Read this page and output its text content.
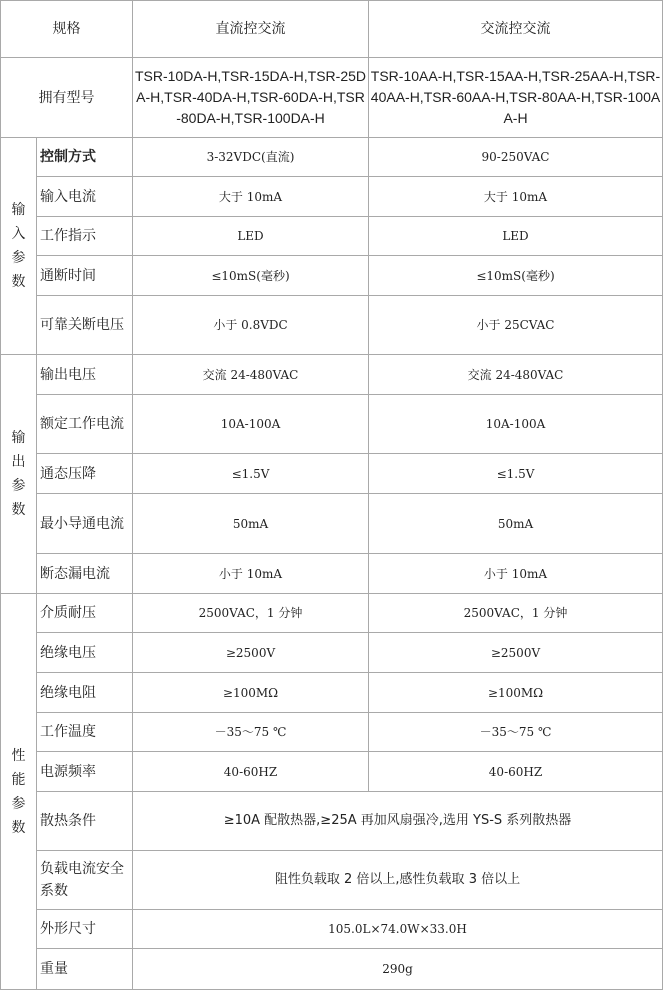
规格		直流控交流	交流控交流
拥有型号		TSR-10DA-H,TSR-15DA-H,TSR-25DA-H,TSR-40DA-H,TSR-60DA-H,TSR-80DA-H,TSR-100DA-H	TSR-10AA-H,TSR-15AA-H,TSR-25AA-H,TSR-40AA-H,TSR-60AA-H,TSR-80AA-H,TSR-100AA-H

输
入
参
数	控制方式	3-32VDC(直流)	90-250VAC
	输入电流	大于 10mA	大于 10mA
	工作指示	LED	LED
	通断时间	≤10mS(毫秒)	≤10mS(毫秒)
	可靠关断电压	小于 0.8VDC	小于 25CVAC

输
出
参
数	输出电压	交流 24-480VAC	交流 24-480VAC
	额定工作电流	10A-100A	10A-100A
	通态压降	≤1.5V	≤1.5V
	最小导通电流	50mA	50mA
	断态漏电流	小于 10mA	小于 10mA

性
能
参
数	介质耐压	2500VAC，1 分钟	2500VAC，1 分钟
	绝缘电压	≥2500V	≥2500V
	绝缘电阻	≥100MΩ	≥100MΩ
	工作温度	－35～75 ℃	－35～75 ℃
	电源频率	40-60HZ	40-60HZ
	散热条件	≥10A 配散热器,≥25A 再加风扇强冷,选用 YS-S 系列散热器	
	负载电流安全系数	阻性负载取 2 倍以上,感性负载取 3 倍以上	
	外形尺寸	105.0L×74.0W×33.0H	
	重量	290g	
